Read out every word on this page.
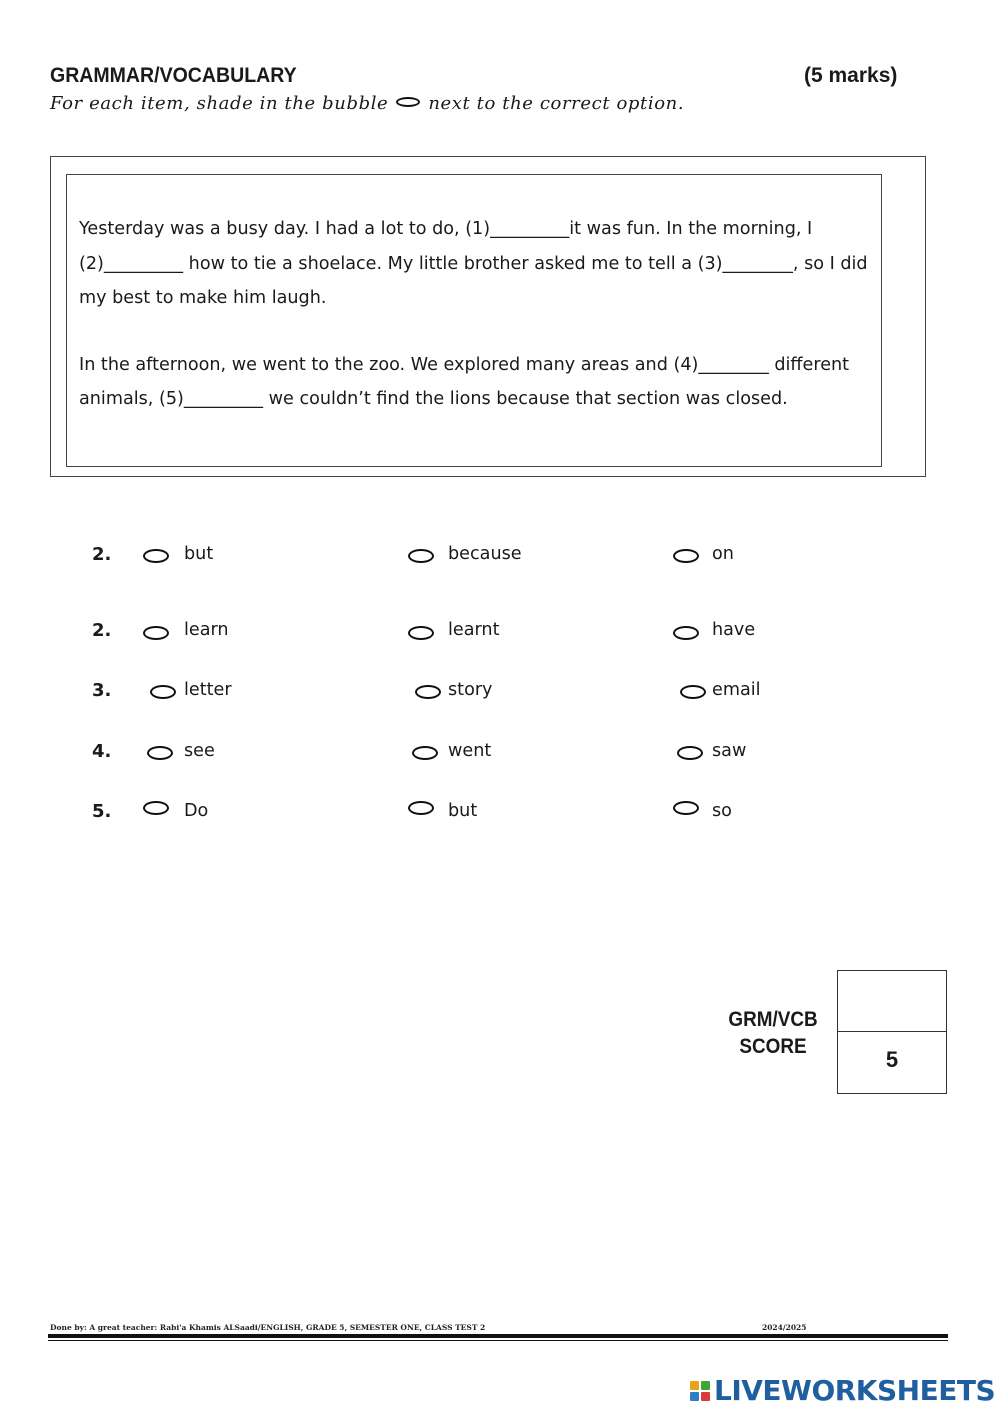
GRAMMAR/VOCABULARY	(5 marks)
For each item, shade in the bubble next to the correct option.

Yesterday was a busy day. I had a lot to do, (1)_________it was fun. In the morning, I (2)_________ how to tie a shoelace. My little brother asked me to tell a (3)________, so I did my best to make him laugh.

In the afternoon, we went to the zoo. We explored many areas and (4)________ different animals, (5)_________ we couldn’t find the lions because that section was closed.

2.	but	because	on
2.	learn	learnt	have
3.	letter	story	email
4.	see	went	saw
5.	Do	but	so
GRM/VCB
SCORE
5
Done by: A great teacher: Rabi'a Khamis ALSaadi/ENGLISH, GRADE 5, SEMESTER ONE, CLASS TEST 2	2024/2025
LIVEWORKSHEETS
